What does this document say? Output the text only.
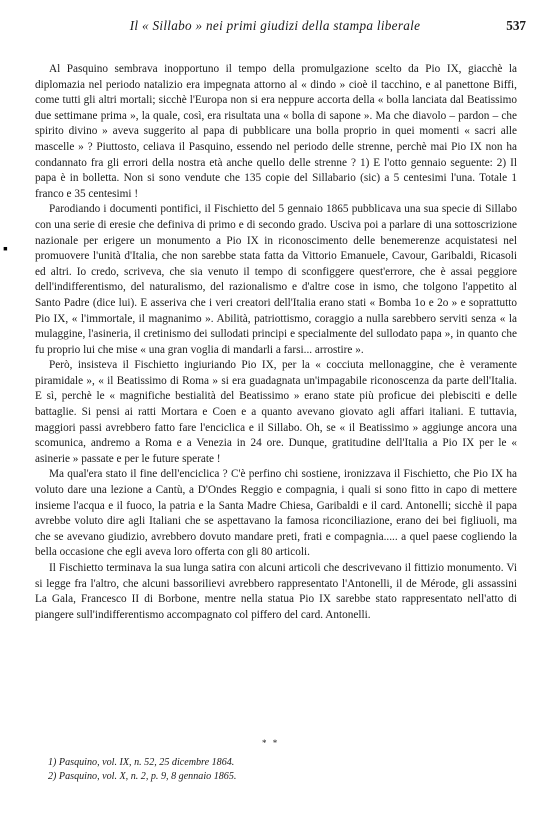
Il « Sillabo » nei primi giudizi della stampa liberale	537
▪

Al Pasquino sembrava inopportuno il tempo della promulgazione scelto da Pio IX, giacchè la diplomazia nel periodo natalizio era impegnata attorno al « dindo » cioè il tacchino, e al panettone Biffi, come tutti gli altri mortali; sicchè l'Europa non si era neppure accorta della « bolla lanciata dal Beatissimo due settimane prima », la quale, così, era risultata una « bolla di sapone ». Ma che diavolo – pardon – che spirito divino » aveva suggerito al papa di pubblicare una bolla proprio in quei momenti « sacri alle mascelle » ? Piuttosto, celiava il Pasquino, essendo nel periodo delle strenne, perchè mai Pio IX non ha condannato fra gli errori della nostra età anche quello delle strenne ? 1) E l'otto gennaio seguente: 2) Il papa è in bolletta. Non si sono vendute che 135 copie del Sillabario (sic) a 5 centesimi l'una. Totale 1 franco e 35 centesimi !

Parodiando i documenti pontifici, il Fischietto del 5 gennaio 1865 pubblicava una sua specie di Sillabo con una serie di eresie che definiva di primo e di secondo grado. Usciva poi a parlare di una sottoscrizione nazionale per erigere un monumento a Pio IX in riconoscimento delle benemerenze acquistatesi nel promuovere l'unità d'Italia, che non sarebbe stata fatta da Vittorio Emanuele, Cavour, Garibaldi, Ricasoli ed altri. Io credo, scriveva, che sia venuto il tempo di sconfiggere quest'errore, che è assai peggiore dell'indifferentismo, del naturalismo, del razionalismo e d'altre cose in ismo, che tolgono l'appetito al Santo Padre (dice lui). E asseriva che i veri creatori dell'Italia erano stati « Bomba 1o e 2o » e soprattutto Pio IX, « l'immortale, il magnanimo ». Abilità, patriottismo, coraggio a nulla sarebbero serviti senza « la mulaggine, l'asineria, il cretinismo dei sullodati principi e specialmente del sullodato papa », in quanto che fu proprio lui che mise « una gran voglia di mandarli a farsi... arrostire ».

Però, insisteva il Fischietto ingiuriando Pio IX, per la « cocciuta mellonaggine, che è veramente piramidale », « il Beatissimo di Roma » si era guadagnata un'impagabile riconoscenza da parte dell'Italia. E sì, perchè le « magnifiche bestialità del Beatissimo » erano state più proficue dei plebisciti e delle battaglie. Si pensi ai ratti Mortara e Coen e a quanto avevano giovato agli affari italiani. E tuttavia, maggiori passi avrebbero fatto fare l'enciclica e il Sillabo. Oh, se « il Beatissimo » aggiunge ancora una scomunica, andremo a Roma e a Venezia in 24 ore. Dunque, gratitudine dell'Italia a Pio IX per le « asinerie » passate e per le future sperate !

Ma qual'era stato il fine dell'enciclica ? C'è perfino chi sostiene, ironizzava il Fischietto, che Pio IX ha voluto dare una lezione a Cantù, a D'Ondes Reggio e compagnia, i quali si sono fitto in capo di mettere insieme l'acqua e il fuoco, la patria e la Santa Madre Chiesa, Garibaldi e il card. Antonelli; sicchè il papa avrebbe voluto dire agli Italiani che se aspettavano la famosa riconciliazione, erano dei bei figliuoli, ma che se avevano giudizio, avrebbero dovuto mandare preti, frati e compagnia..... a quel paese cogliendo la bella occasione che egli aveva loro offerta con gli 80 articoli.

Il Fischietto terminava la sua lunga satira con alcuni articoli che descrivevano il fittizio monumento. Vi si legge fra l'altro, che alcuni bassorilievi avrebbero rappresentato l'Antonelli, il de Mérode, gli assassini La Gala, Francesco II di Borbone, mentre nella statua Pio IX sarebbe stato rappresentato nell'atto di piangere sull'indifferentismo accompagnato col piffero del card. Antonelli.

* *
1) Pasquino, vol. IX, n. 52, 25 dicembre 1864.
2) Pasquino, vol. X, n. 2, p. 9, 8 gennaio 1865.
